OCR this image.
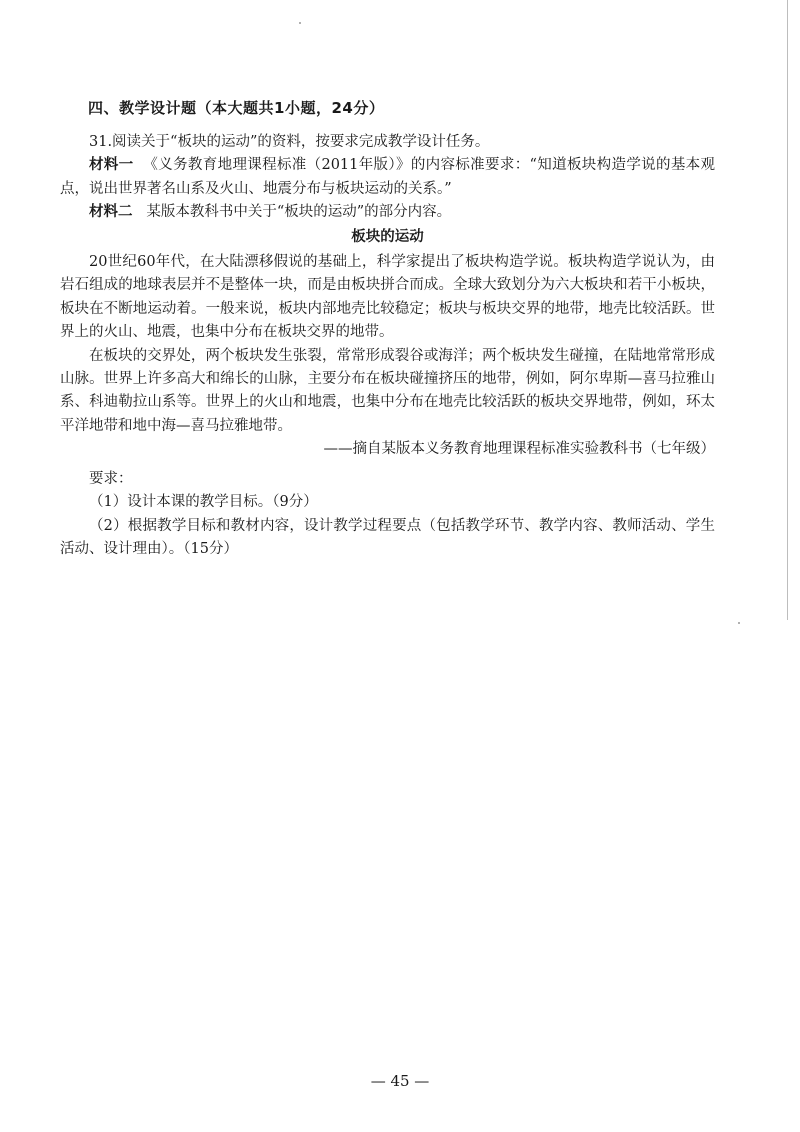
四、教学设计题（本大题共1小题，24分）

31.阅读关于“板块的运动”的资料，按要求完成教学设计任务。

材料一 《义务教育地理课程标准（2011年版）》的内容标准要求：“知道板块构造学说的基本观点，说出世界著名山系及火山、地震分布与板块运动的关系。”

材料二 某版本教科书中关于“板块的运动”的部分内容。

板块的运动

20世纪60年代，在大陆漂移假说的基础上，科学家提出了板块构造学说。板块构造学说认为，由岩石组成的地球表层并不是整体一块，而是由板块拼合而成。全球大致划分为六大板块和若干小板块，板块在不断地运动着。一般来说，板块内部地壳比较稳定；板块与板块交界的地带，地壳比较活跃。世界上的火山、地震，也集中分布在板块交界的地带。

在板块的交界处，两个板块发生张裂，常常形成裂谷或海洋；两个板块发生碰撞，在陆地常常形成山脉。世界上许多高大和绵长的山脉，主要分布在板块碰撞挤压的地带，例如，阿尔卑斯—喜马拉雅山系、科迪勒拉山系等。世界上的火山和地震，也集中分布在地壳比较活跃的板块交界地带，例如，环太平洋地带和地中海—喜马拉雅地带。

——摘自某版本义务教育地理课程标准实验教科书（七年级）

要求：

（1）设计本课的教学目标。（9分）

（2）根据教学目标和教材内容，设计教学过程要点（包括教学环节、教学内容、教师活动、学生活动、设计理由）。（15分）

— 45 —
